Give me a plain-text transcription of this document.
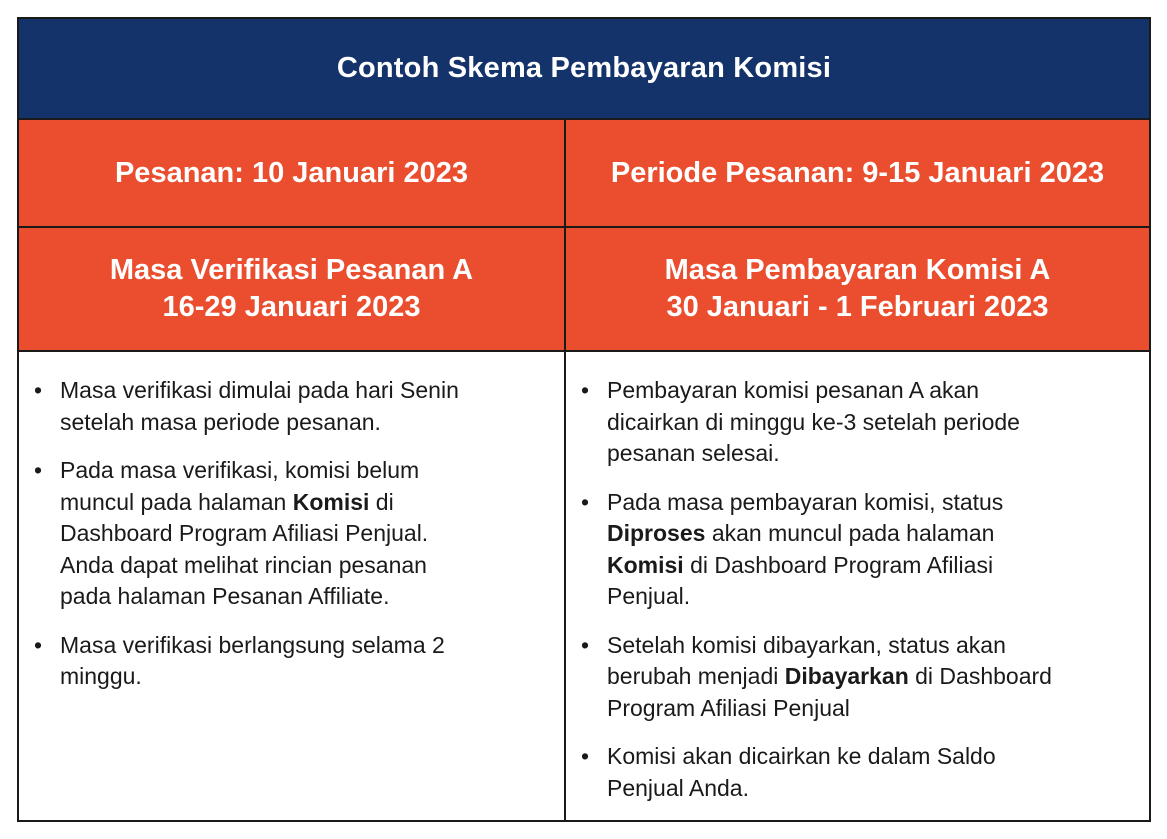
Contoh Skema Pembayaran Komisi
Pesanan: 10 Januari 2023	Periode Pesanan: 9-15 Januari 2023
Masa Verifikasi Pesanan A
16-29 Januari 2023
Masa Pembayaran Komisi A
30 Januari - 1 Februari 2023
• Masa verifikasi dimulai pada hari Senin
setelah masa periode pesanan.
• Pada masa verifikasi, komisi belum
muncul pada halaman Komisi di
Dashboard Program Afiliasi Penjual.
Anda dapat melihat rincian pesanan
pada halaman Pesanan Affiliate.
• Masa verifikasi berlangsung selama 2
minggu.
• Pembayaran komisi pesanan A akan
dicairkan di minggu ke-3 setelah periode
pesanan selesai.
• Pada masa pembayaran komisi, status
Diproses akan muncul pada halaman
Komisi di Dashboard Program Afiliasi
Penjual.
• Setelah komisi dibayarkan, status akan
berubah menjadi Dibayarkan di Dashboard
Program Afiliasi Penjual
• Komisi akan dicairkan ke dalam Saldo
Penjual Anda.
